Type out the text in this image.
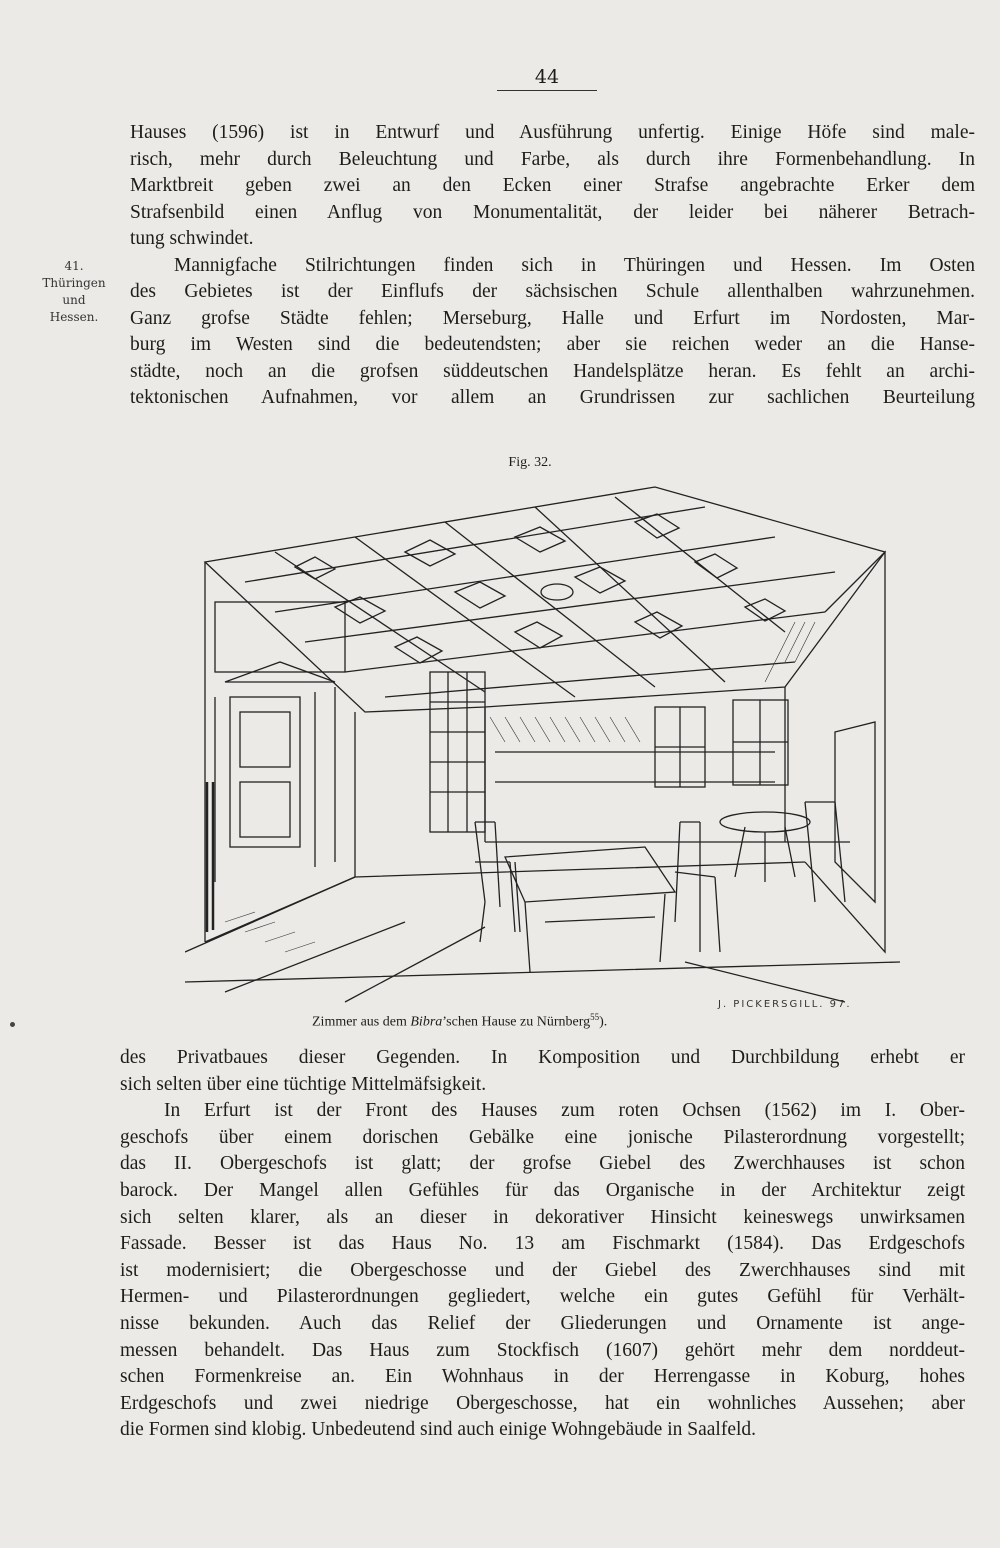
44
41.
Thüringen
und
Hessen.
Hauses (1596) ist in Entwurf und Ausführung unfertig. Einige Höfe sind male-
risch, mehr durch Beleuchtung und Farbe, als durch ihre Formenbehandlung. In
Marktbreit geben zwei an den Ecken einer Strafse angebrachte Erker dem
Strafsenbild einen Anflug von Monumentalität, der leider bei näherer Betrach-
tung schwindet.
Mannigfache Stilrichtungen finden sich in Thüringen und Hessen. Im Osten
des Gebietes ist der Einflufs der sächsischen Schule allenthalben wahrzunehmen.
Ganz grofse Städte fehlen; Merseburg, Halle und Erfurt im Nordosten, Mar-
burg im Westen sind die bedeutendsten; aber sie reichen weder an die Hanse-
städte, noch an die grofsen süddeutschen Handelsplätze heran. Es fehlt an archi-
tektonischen Aufnahmen, vor allem an Grundrissen zur sachlichen Beurteilung
Fig. 32.
J. PICKERSGILL. 97.
Zimmer aus dem Bibra’schen Hause zu Nürnberg$^{55}$).
des Privatbaues dieser Gegenden. In Komposition und Durchbildung erhebt er
sich selten über eine tüchtige Mittelmäfsigkeit.
In Erfurt ist der Front des Hauses zum roten Ochsen (1562) im I. Ober-
geschofs über einem dorischen Gebälke eine jonische Pilasterordnung vorgestellt;
das II. Obergeschofs ist glatt; der grofse Giebel des Zwerchhauses ist schon
barock. Der Mangel allen Gefühles für das Organische in der Architektur zeigt
sich selten klarer, als an dieser in dekorativer Hinsicht keineswegs unwirksamen
Fassade. Besser ist das Haus No. 13 am Fischmarkt (1584). Das Erdgeschofs
ist modernisiert; die Obergeschosse und der Giebel des Zwerchhauses sind mit
Hermen- und Pilasterordnungen gegliedert, welche ein gutes Gefühl für Verhält-
nisse bekunden. Auch das Relief der Gliederungen und Ornamente ist ange-
messen behandelt. Das Haus zum Stockfisch (1607) gehört mehr dem norddeut-
schen Formenkreise an. Ein Wohnhaus in der Herrengasse in Koburg, hohes
Erdgeschofs und zwei niedrige Obergeschosse, hat ein wohnliches Aussehen; aber
die Formen sind klobig. Unbedeutend sind auch einige Wohngebäude in Saalfeld.
